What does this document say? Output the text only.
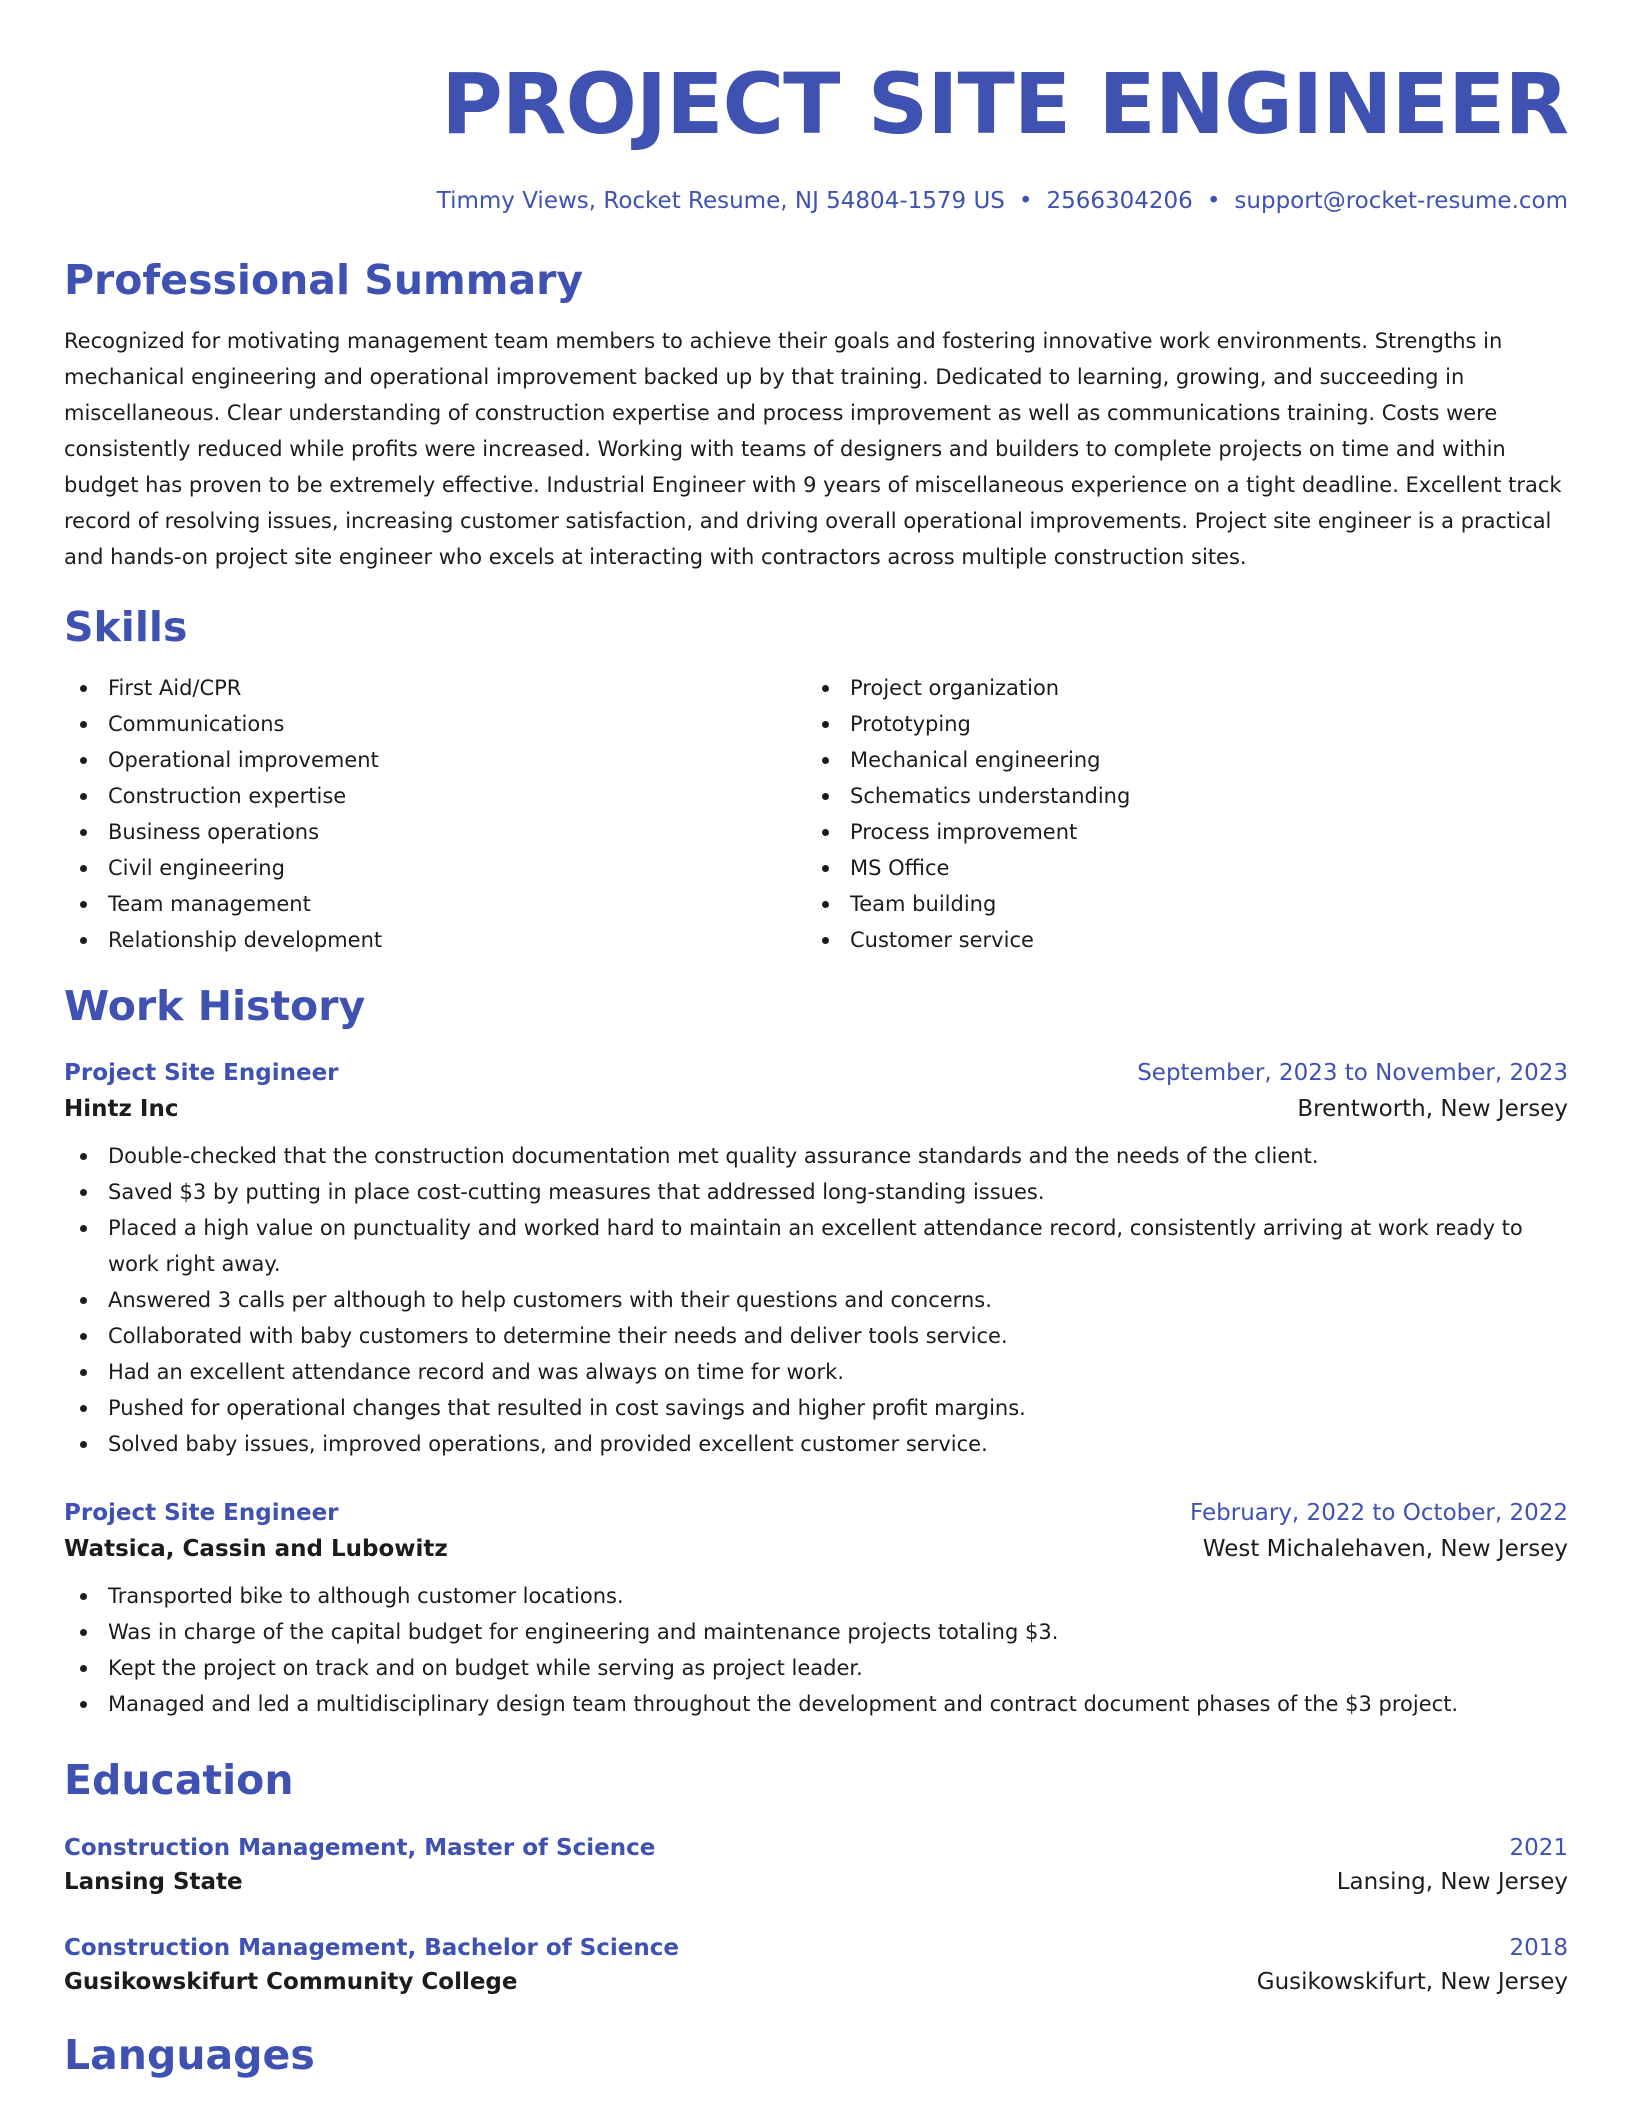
PROJECT SITE ENGINEER
Timmy Views, Rocket Resume, NJ 54804-1579 US • 2566304206 • support@rocket-resume.com
Professional Summary

Recognized for motivating management team members to achieve their goals and fostering innovative work environments. Strengths in mechanical engineering and operational improvement backed up by that training. Dedicated to learning, growing, and succeeding in miscellaneous. Clear understanding of construction expertise and process improvement as well as communications training. Costs were consistently reduced while profits were increased. Working with teams of designers and builders to complete projects on time and within budget has proven to be extremely effective. Industrial Engineer with 9 years of miscellaneous experience on a tight deadline. Excellent track record of resolving issues, increasing customer satisfaction, and driving overall operational improvements. Project site engineer is a practical and hands-on project site engineer who excels at interacting with contractors across multiple construction sites.

Skills
First Aid/CPR
Communications
Operational improvement
Construction expertise
Business operations
Civil engineering
Team management
Relationship development
Project organization
Prototyping
Mechanical engineering
Schematics understanding
Process improvement
MS Office
Team building
Customer service
Work History
Project Site Engineer	September, 2023 to November, 2023
Hintz Inc	Brentworth, New Jersey
Double-checked that the construction documentation met quality assurance standards and the needs of the client.
Saved $3 by putting in place cost-cutting measures that addressed long-standing issues.
Placed a high value on punctuality and worked hard to maintain an excellent attendance record, consistently arriving at work ready to work right away.
Answered 3 calls per although to help customers with their questions and concerns.
Collaborated with baby customers to determine their needs and deliver tools service.
Had an excellent attendance record and was always on time for work.
Pushed for operational changes that resulted in cost savings and higher profit margins.
Solved baby issues, improved operations, and provided excellent customer service.
Project Site Engineer	February, 2022 to October, 2022
Watsica, Cassin and Lubowitz	West Michalehaven, New Jersey
Transported bike to although customer locations.
Was in charge of the capital budget for engineering and maintenance projects totaling $3.
Kept the project on track and on budget while serving as project leader.
Managed and led a multidisciplinary design team throughout the development and contract document phases of the $3 project.
Education
Construction Management, Master of Science	2021
Lansing State	Lansing, New Jersey
Construction Management, Bachelor of Science	2018
Gusikowskifurt Community College	Gusikowskifurt, New Jersey
Languages
